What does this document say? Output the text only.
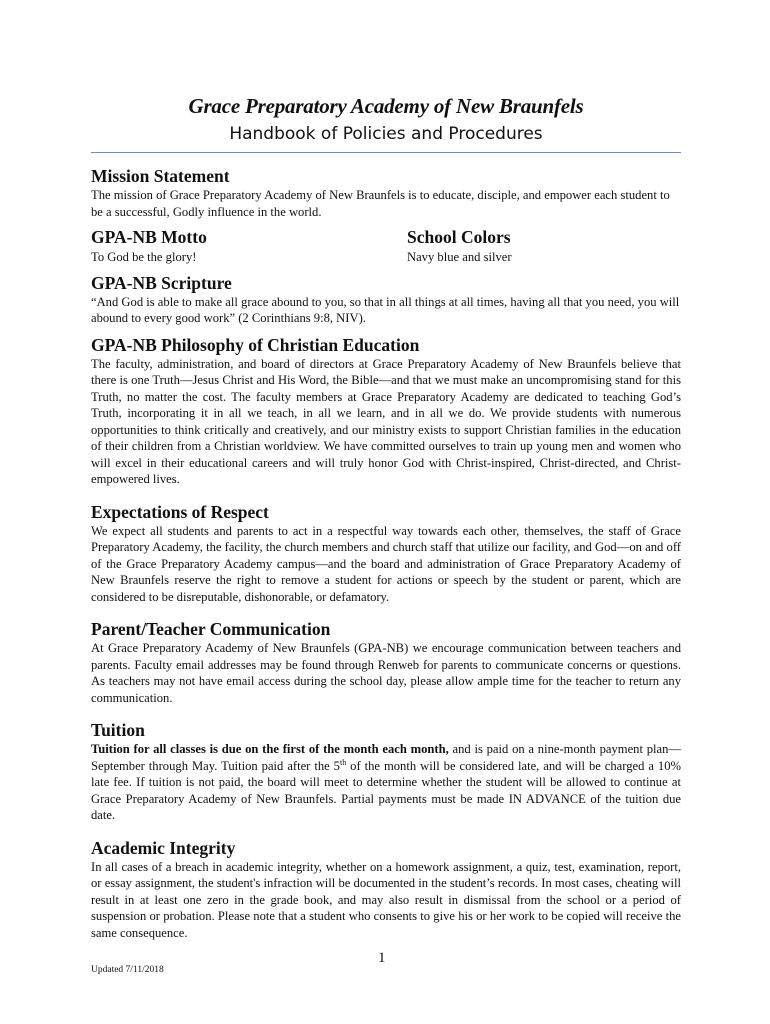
Grace Preparatory Academy of New Braunfels
Handbook of Policies and Procedures
Mission Statement

The mission of Grace Preparatory Academy of New Braunfels is to educate, disciple, and empower each student to be a successful, Godly influence in the world.

GPA-NB Motto

To God be the glory!

School Colors

Navy blue and silver

GPA-NB Scripture

“And God is able to make all grace abound to you, so that in all things at all times, having all that you need, you will abound to every good work” (2 Corinthians 9:8, NIV).

GPA-NB Philosophy of Christian Education

The faculty, administration, and board of directors at Grace Preparatory Academy of New Braunfels believe that there is one Truth—Jesus Christ and His Word, the Bible—and that we must make an uncompromising stand for this Truth, no matter the cost. The faculty members at Grace Preparatory Academy are dedicated to teaching God’s Truth, incorporating it in all we teach, in all we learn, and in all we do. We provide students with numerous opportunities to think critically and creatively, and our ministry exists to support Christian families in the education of their children from a Christian worldview. We have committed ourselves to train up young men and women who will excel in their educational careers and will truly honor God with Christ-inspired, Christ-directed, and Christ-empowered lives.

Expectations of Respect

We expect all students and parents to act in a respectful way towards each other, themselves, the staff of Grace Preparatory Academy, the facility, the church members and church staff that utilize our facility, and God—on and off of the Grace Preparatory Academy campus—and the board and administration of Grace Preparatory Academy of New Braunfels reserve the right to remove a student for actions or speech by the student or parent, which are considered to be disreputable, dishonorable, or defamatory.

Parent/Teacher Communication

At Grace Preparatory Academy of New Braunfels (GPA-NB) we encourage communication between teachers and parents. Faculty email addresses may be found through Renweb for parents to communicate concerns or questions. As teachers may not have email access during the school day, please allow ample time for the teacher to return any communication.

Tuition

Tuition for all classes is due on the first of the month each month, and is paid on a nine-month payment plan—September through May. Tuition paid after the 5th of the month will be considered late, and will be charged a 10% late fee. If tuition is not paid, the board will meet to determine whether the student will be allowed to continue at Grace Preparatory Academy of New Braunfels. Partial payments must be made IN ADVANCE of the tuition due date.

Academic Integrity

In all cases of a breach in academic integrity, whether on a homework assignment, a quiz, test, examination, report, or essay assignment, the student's infraction will be documented in the student’s records. In most cases, cheating will result in at least one zero in the grade book, and may also result in dismissal from the school or a period of suspension or probation. Please note that a student who consents to give his or her work to be copied will receive the same consequence.

1
Updated 7/11/2018
